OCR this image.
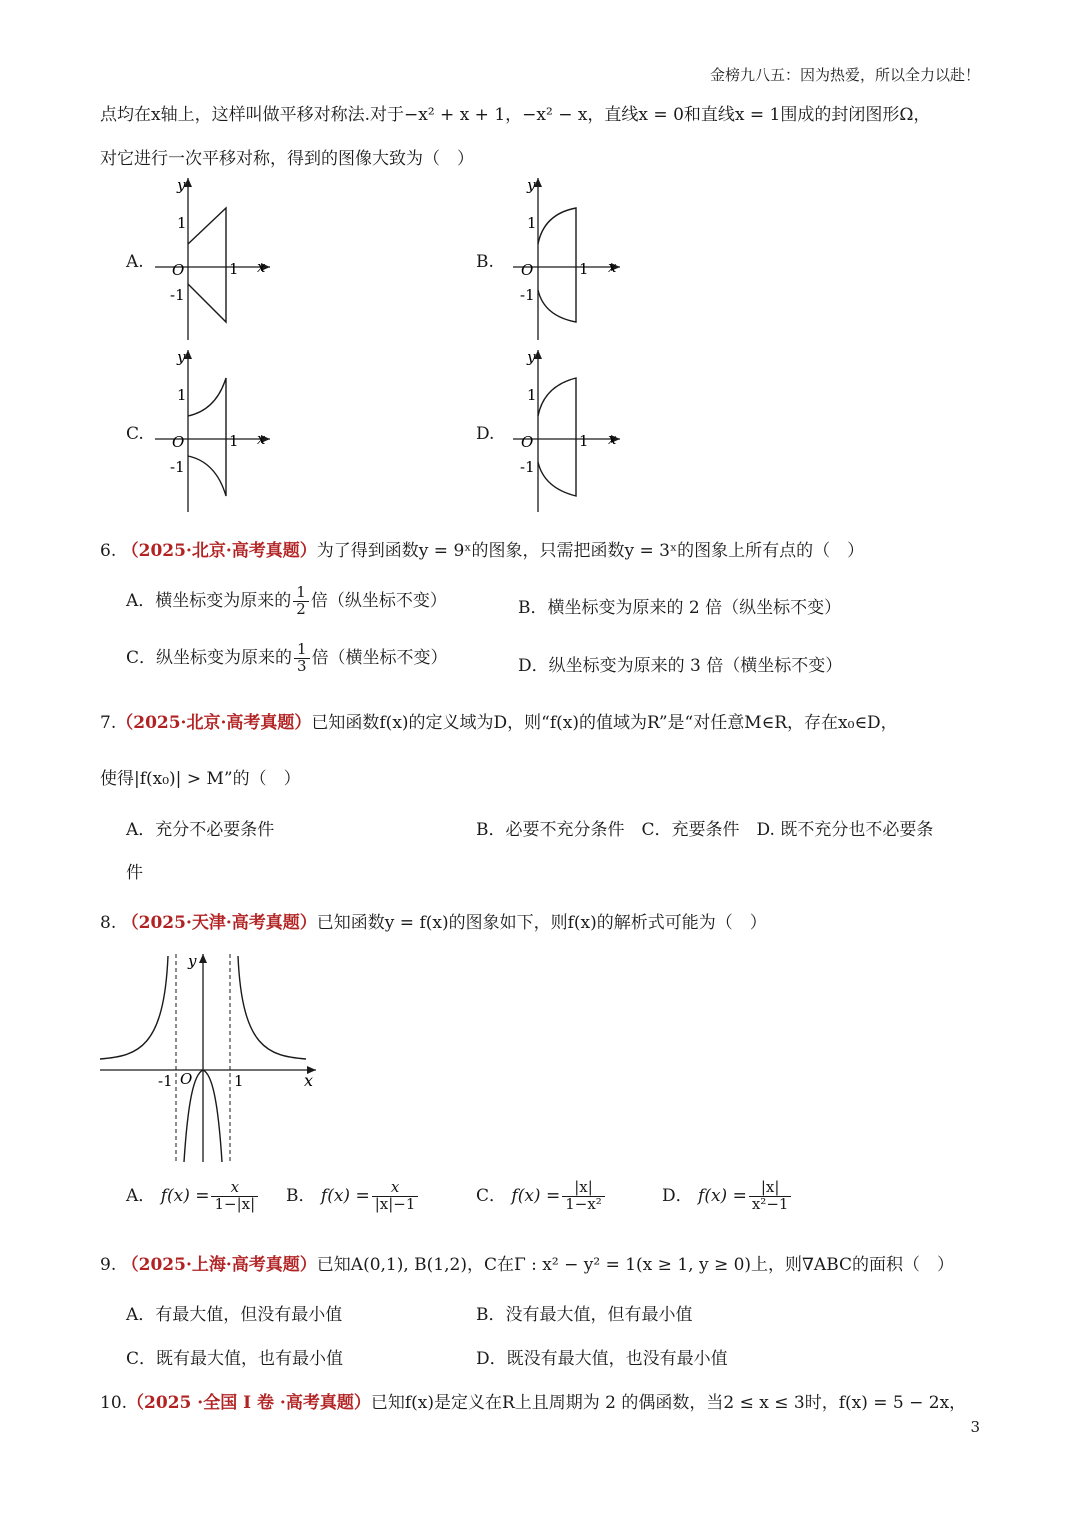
金榜九八五：因为热爱，所以全力以赴！
点均在x轴上，这样叫做平移对称法.对于−x² + x + 1，−x² − x，直线x = 0和直线x = 1围成的封闭图形Ω，
对它进行一次平移对称，得到的图像大致为（　）
A.	B.
C.	D.
y
x
O	1
1
-1
y
x
O	1
1
-1
y
x
O	1
1
-1
y
x
O	1
1
-1
6. （2025·北京·高考真题）为了得到函数y = 9ˣ的图象，只需把函数y = 3ˣ的图象上所有点的（　）
A．横坐标变为原来的 $\frac{1}{2}$ 倍（纵坐标不变）	B．横坐标变为原来的 2 倍（纵坐标不变）
C．纵坐标变为原来的 $\frac{1}{3}$ 倍（横坐标不变）	D．纵坐标变为原来的 3 倍（横坐标不变）
7.（2025·北京·高考真题）已知函数f(x)的定义域为D，则“f(x)的值域为R”是“对任意M∈R，存在x₀∈D，
使得|f(x₀)| > M”的（　）
A．充分不必要条件	B．必要不充分条件　C．充要条件　D. 既不充分也不必要条
件
8. （2025·天津·高考真题）已知函数y = f(x)的图象如下，则f(x)的解析式可能为（　）
y
x
O
-1	1
A． $f(x) = \frac{x}{1-|x|}$ B． $f(x) = \frac{x}{|x|-1}$	C． $f(x) = \frac{|x|}{\text{1−x²}}$	D． $f(x) = \frac{|x|}{\text{x²−1}}$
9. （2025·上海·高考真题）已知A(0,1), B(1,2)，C在Γ : x² − y² = 1(x ≥ 1, y ≥ 0)上，则∇ABC的面积（　）
A．有最大值，但没有最小值	B．没有最大值，但有最小值
C．既有最大值，也有最小值	D．既没有最大值，也没有最小值
10.（2025 ·全国 I 卷 ·高考真题）已知f(x)是定义在R上且周期为 2 的偶函数，当2 ≤ x ≤ 3时，f(x) = 5 − 2x，
3
